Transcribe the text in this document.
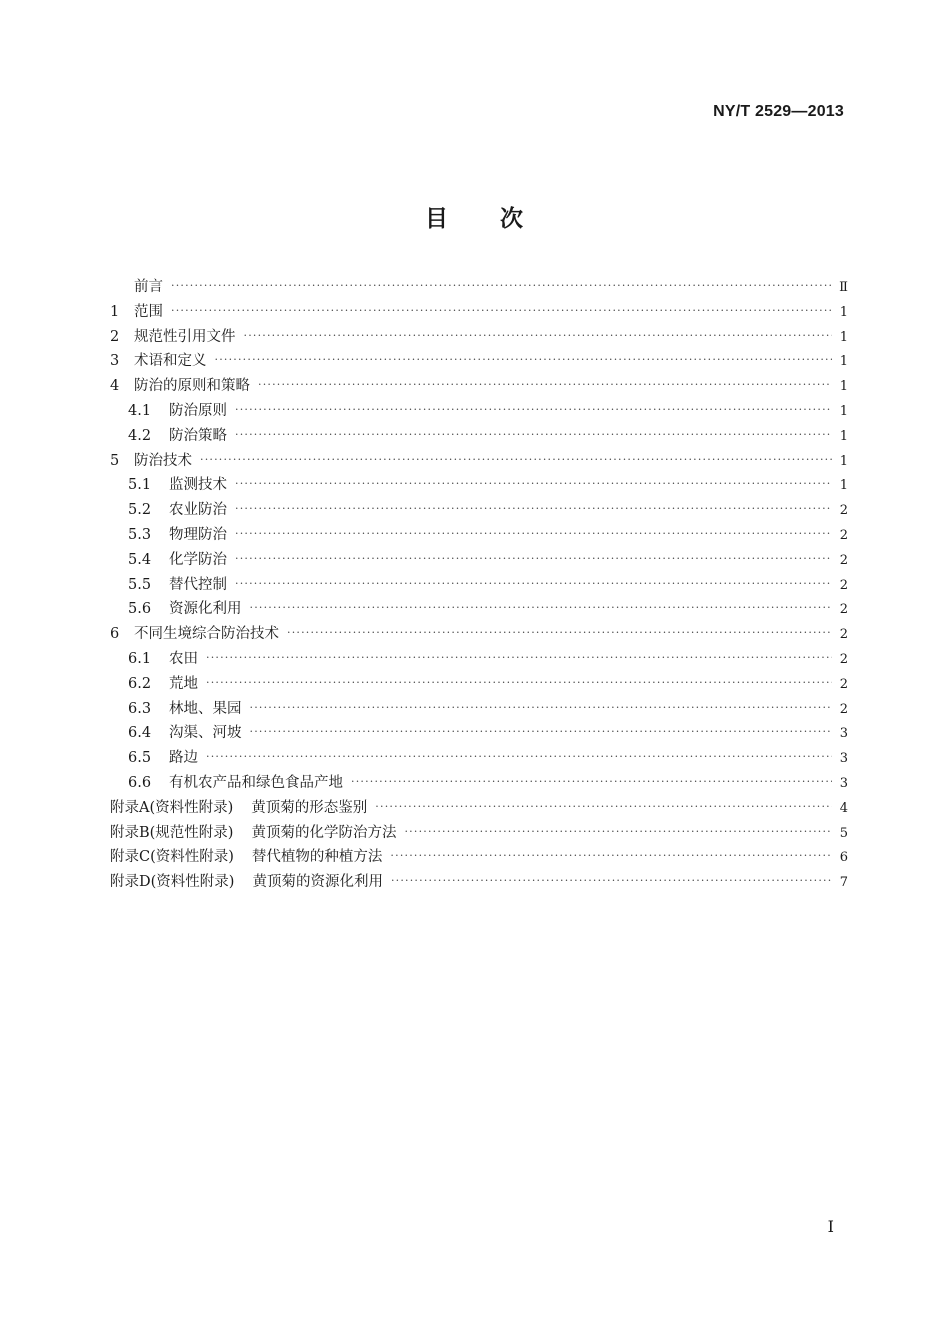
NY/T 2529—2013
目 次
前言 ·····	Ⅱ
1	范围 ·····	1
2	规范性引用文件 ·····	1
3	术语和定义 ·····	1
4	防治的原则和策略 ·····	1
4.1	防治原则 ·····	1
4.2	防治策略 ·····	1
5	防治技术 ·····	1
5.1	监测技术 ·····	1
5.2	农业防治 ·····	2
5.3	物理防治 ·····	2
5.4	化学防治 ·····	2
5.5	替代控制 ·····	2
5.6	资源化利用 ·····	2
6	不同生境综合防治技术 ·····	2
6.1	农田 ·····	2
6.2	荒地 ·····	2
6.3	林地、果园 ·····	2
6.4	沟渠、河坡 ·····	3
6.5	路边 ·····	3
6.6	有机农产品和绿色食品产地 ·····	3
附录A(资料性附录) 黄顶菊的形态鉴别 ·····	4
附录B(规范性附录) 黄顶菊的化学防治方法 ·····	5
附录C(资料性附录) 替代植物的种植方法 ·····	6
附录D(资料性附录) 黄顶菊的资源化利用 ·····	7
Ⅰ
